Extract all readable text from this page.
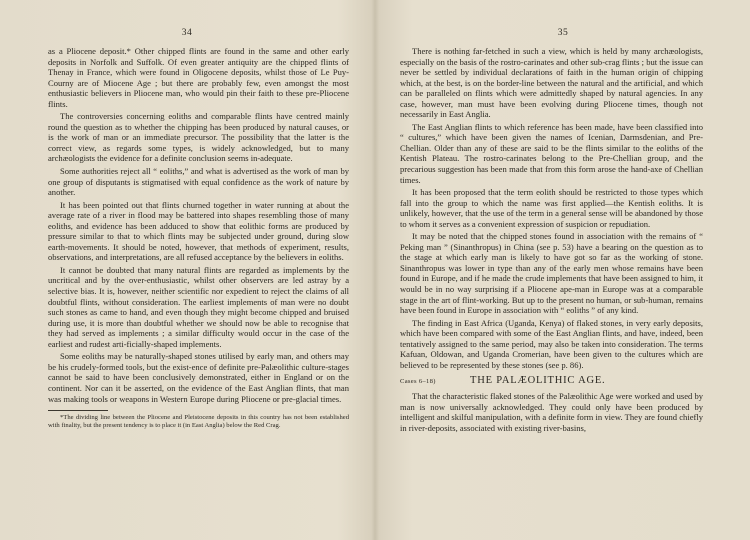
34

as a Pliocene deposit.* Other chipped flints are found in the same and other early deposits in Norfolk and Suffolk. Of even greater antiquity are the chipped flints of Thenay in France, which were found in Oligocene deposits, whilst those of Le Puy-Courny are of Miocene Age ; but there are probably few, even amongst the most enthusiastic believers in Pliocene man, who would pin their faith to these pre-Pliocene flints.

The controversies concerning eoliths and comparable flints have centred mainly round the question as to whether the chipping has been produced by natural causes, or is the work of man or an immediate precursor. The possibility that the latter is the correct view, as regards some types, is widely acknowledged, but to many archæologists the evidence for a definite conclusion seems in-adequate.

Some authorities reject all “ eoliths,” and what is advertised as the work of man by one group of disputants is stigmatised with equal confidence as the work of nature by another.

It has been pointed out that flints churned together in water running at about the average rate of a river in flood may be battered into shapes resembling those of many eoliths, and evidence has been adduced to show that eolithic forms are produced by pressure similar to that to which flints may be subjected under ground, during slow earth-movements. It should be noted, however, that methods of experiment, results, observations, and interpretations, are all refused acceptance by the believers in eoliths.

It cannot be doubted that many natural flints are regarded as implements by the uncritical and by the over-enthusiastic, whilst other observers are led astray by a selective bias. It is, however, neither scientific nor expedient to reject the claims of all doubtful flints, without consideration. The earliest implements of man were no doubt such stones as came to hand, and even though they might become chipped and bruised during use, it is more than doubtful whether we should now be able to recognise that they had served as implements ; a similar difficulty would occur in the case of the earliest and rudest arti-ficially-shaped implements.

Some eoliths may be naturally-shaped stones utilised by early man, and others may be his crudely-formed tools, but the exist-ence of definite pre-Palæolithic culture-stages cannot be said to have been conclusively demonstrated, either in England or on the continent. Nor can it be asserted, on the evidence of the East Anglian flints, that man was making tools or weapons in Western Europe during Pliocene or pre-glacial times.

*The dividing line between the Pliocene and Pleistocene deposits in this country has not been established with finality, but the present tendency is to place it (in East Anglia) below the Red Crag.

35

There is nothing far-fetched in such a view, which is held by many archæologists, especially on the basis of the rostro-carinates and other sub-crag flints ; but the issue can never be settled by individual declarations of faith in the human origin of chipping which, at the best, is on the border-line between the natural and the artificial, and which can be paralleled on flints which were admittedly shaped by natural agencies. In any case, however, man must have been evolving during Pliocene times, though not necessarily in East Anglia.

The East Anglian flints to which reference has been made, have been classified into “ cultures,” which have been given the names of Icenian, Darmsdenian, and Pre-Chellian. Older than any of these are said to be the flints similar to the eoliths of the Kentish Plateau. The rostro-carinates belong to the Pre-Chellian group, and the precarious suggestion has been made that from this form arose the hand-axe of Chellian times.

It has been proposed that the term eolith should be restricted to those types which fall into the group to which the name was first applied—the Kentish eoliths. It is unlikely, however, that the use of the term in a general sense will be abandoned by those to whom it serves as a convenient expression of suspicion or repudiation.

It may be noted that the chipped stones found in association with the remains of “ Peking man ” (Sinanthropus) in China (see p. 53) have a bearing on the question as to the stage at which early man is likely to have got so far as the working of stone. Sinanthropus was lower in type than any of the early men whose remains have been found in Europe, and if he made the crude implements that have been assigned to him, it would be in no way surprising if a Pliocene ape-man in Europe was at a comparable stage in the art of flint-working. But up to the present no human, or sub-human, remains have been found in Europe in association with “ eoliths ” of any kind.

The finding in East Africa (Uganda, Kenya) of flaked stones, in very early deposits, which have been compared with some of the East Anglian flints, and have, indeed, been tentatively assigned to the same period, may also be taken into consideration. The terms Kafuan, Oldowan, and Uganda Cromerian, have been given to the cultures which are believed to be represented by these stones (see p. 86).

Cases 6–18)	THE PALÆOLITHIC AGE.

That the characteristic flaked stones of the Palæolithic Age were worked and used by man is now universally acknowledged. They could only have been produced by intelligent and skilful manipulation, with a definite form in view. They are found chiefly in river-deposits, associated with existing river-basins,
